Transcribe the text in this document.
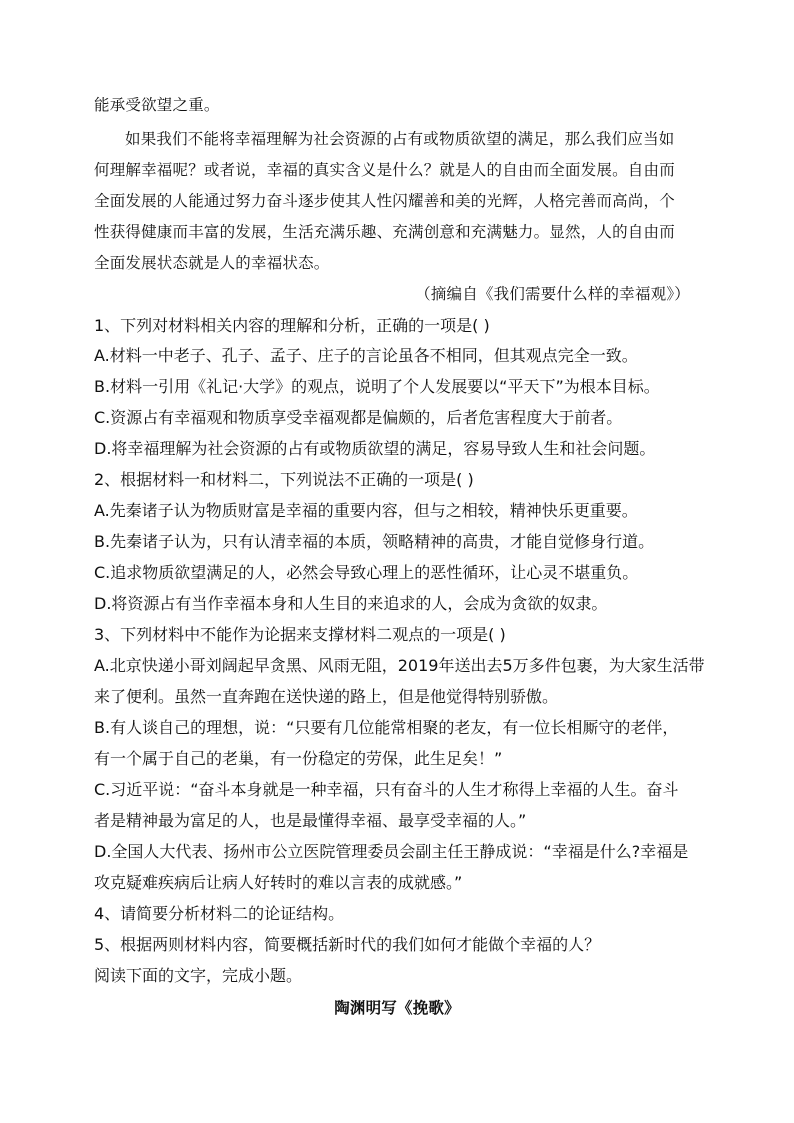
能承受欲望之重。
如果我们不能将幸福理解为社会资源的占有或物质欲望的满足，那么我们应当如
何理解幸福呢？或者说，幸福的真实含义是什么？就是人的自由而全面发展。自由而
全面发展的人能通过努力奋斗逐步使其人性闪耀善和美的光辉，人格完善而高尚，个
性获得健康而丰富的发展，生活充满乐趣、充满创意和充满魅力。显然，人的自由而
全面发展状态就是人的幸福状态。
（摘编自《我们需要什么样的幸福观》）
1、下列对材料相关内容的理解和分析，正确的一项是( )
A.材料一中老子、孔子、孟子、庄子的言论虽各不相同，但其观点完全一致。
B.材料一引用《礼记·大学》的观点，说明了个人发展要以“平天下”为根本目标。
C.资源占有幸福观和物质享受幸福观都是偏颇的，后者危害程度大于前者。
D.将幸福理解为社会资源的占有或物质欲望的满足，容易导致人生和社会问题。
2、根据材料一和材料二，下列说法不正确的一项是( )
A.先秦诸子认为物质财富是幸福的重要内容，但与之相较，精神快乐更重要。
B.先秦诸子认为，只有认清幸福的本质，领略精神的高贵，才能自觉修身行道。
C.追求物质欲望满足的人，必然会导致心理上的恶性循环，让心灵不堪重负。
D.将资源占有当作幸福本身和人生目的来追求的人，会成为贪欲的奴隶。
3、下列材料中不能作为论据来支撑材料二观点的一项是( )
A.北京快递小哥刘阔起早贪黑、风雨无阻，2019年送出去5万多件包裹，为大家生活带
来了便利。虽然一直奔跑在送快递的路上，但是他觉得特别骄傲。
B.有人谈自己的理想，说：“只要有几位能常相聚的老友，有一位长相厮守的老伴，
有一个属于自己的老巢，有一份稳定的劳保，此生足矣！”
C.习近平说：“奋斗本身就是一种幸福，只有奋斗的人生才称得上幸福的人生。奋斗
者是精神最为富足的人，也是最懂得幸福、最享受幸福的人。”
D.全国人大代表、扬州市公立医院管理委员会副主任王静成说：“幸福是什么?幸福是
攻克疑难疾病后让病人好转时的难以言表的成就感。”
4、请简要分析材料二的论证结构。
5、根据两则材料内容，简要概括新时代的我们如何才能做个幸福的人？
阅读下面的文字，完成小题。
陶渊明写《挽歌》
